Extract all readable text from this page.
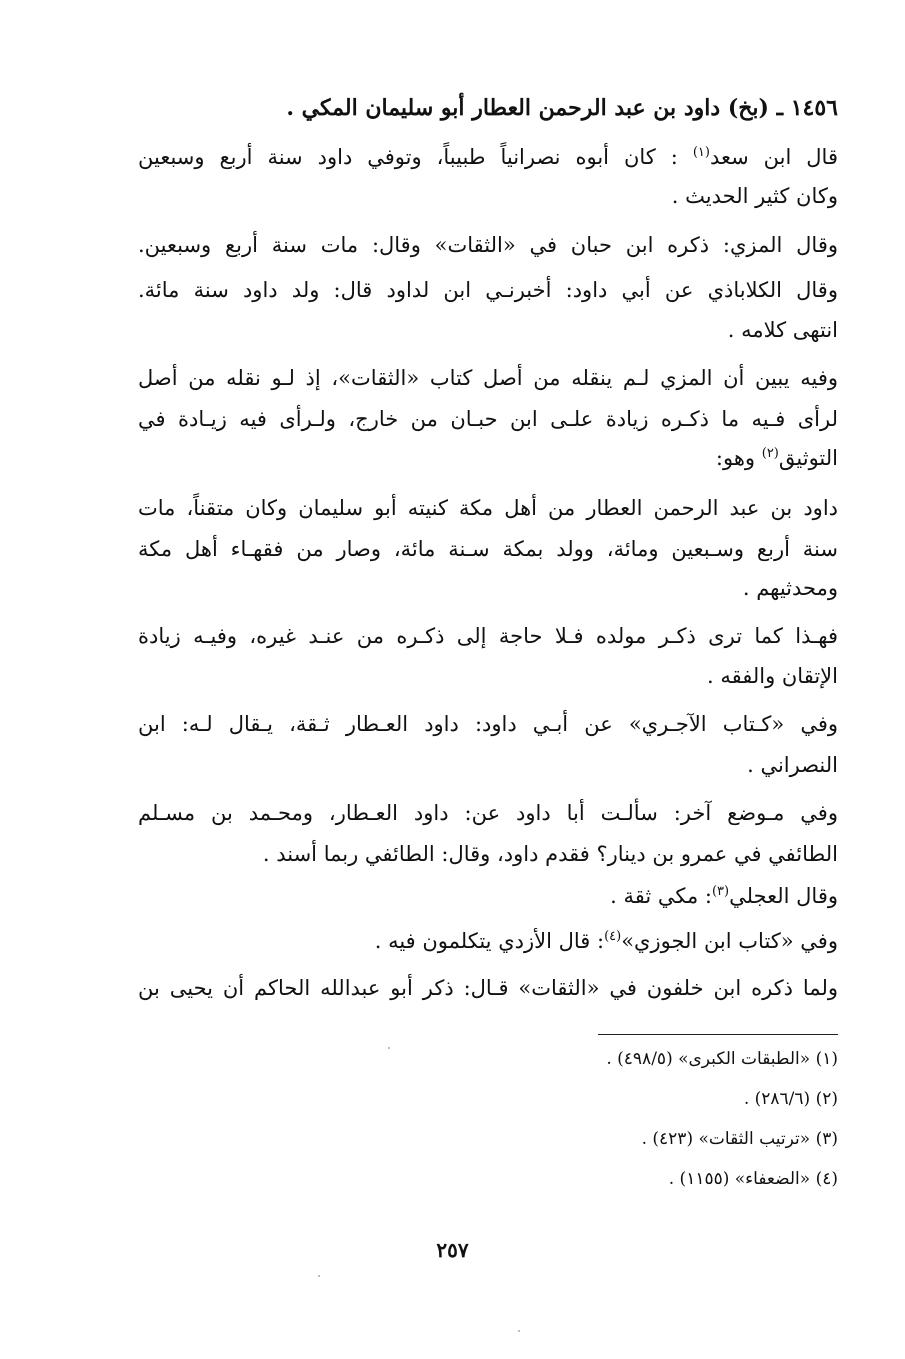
١٤٥٦ ـ (بخ) داود بن عبد الرحمن العطار أبو سليمان المكي .
قال ابن سعد$^{(١)}$ : كان أبوه نصرانياً طبيباً، وتوفي داود سنة أربع وسبعين
وكان كثير الحديث .
وقال المزي: ذكره ابن حبان في «الثقات» وقال: مات سنة أربع وسبعين.
وقال الكلاباذي عن أبي داود: أخبرنـي ابن لداود قال: ولد داود سنة مائة.
انتهى كلامه .
وفيه يبين أن المزي لـم ينقله من أصل كتاب «الثقات»، إذ لـو نقله من أصل
لرأى فـيه ما ذكـره زيادة علـى ابن حبـان من خارج، ولـرأى فيه زيـادة في
التوثيق$^{(٢)}$ وهو:
داود بن عبد الرحمن العطار من أهل مكة كنيته أبو سليمان وكان متقناً، مات
سنة أربع وسـبعين ومائة، وولد بمكة سـنة مائة، وصار من فقهـاء أهل مكة
ومحدثيهم .
فهـذا كما ترى ذكـر مولده فـلا حاجة إلى ذكـره من عنـد غيره، وفيـه زيادة
الإتقان والفقه .
وفي «كـتاب الآجـري» عن أبـي داود: داود العـطار ثـقة، يـقال لـه: ابن
النصراني .
وفي مـوضع آخر: سألـت أبا داود عن: داود العـطار، ومحـمد بن مسـلم
الطائفي في عمرو بن دينار؟ فقدم داود، وقال: الطائفي ربما أسند .
وقال العجلي$^{(٣)}$: مكي ثقة .
وفي «كتاب ابن الجوزي»$^{(٤)}$: قال الأزدي يتكلمون فيه .
ولما ذكره ابن خلفون في «الثقات» قـال: ذكر أبو عبدالله الحاكم أن يحيى بن
(١) «الطبقات الكبرى» (٤٩٨/٥) .
(٢) (٢٨٦/٦) .
(٣) «ترتيب الثقات» (٤٢٣) .
(٤) «الضعفاء» (١١٥٥) .
٢٥٧
